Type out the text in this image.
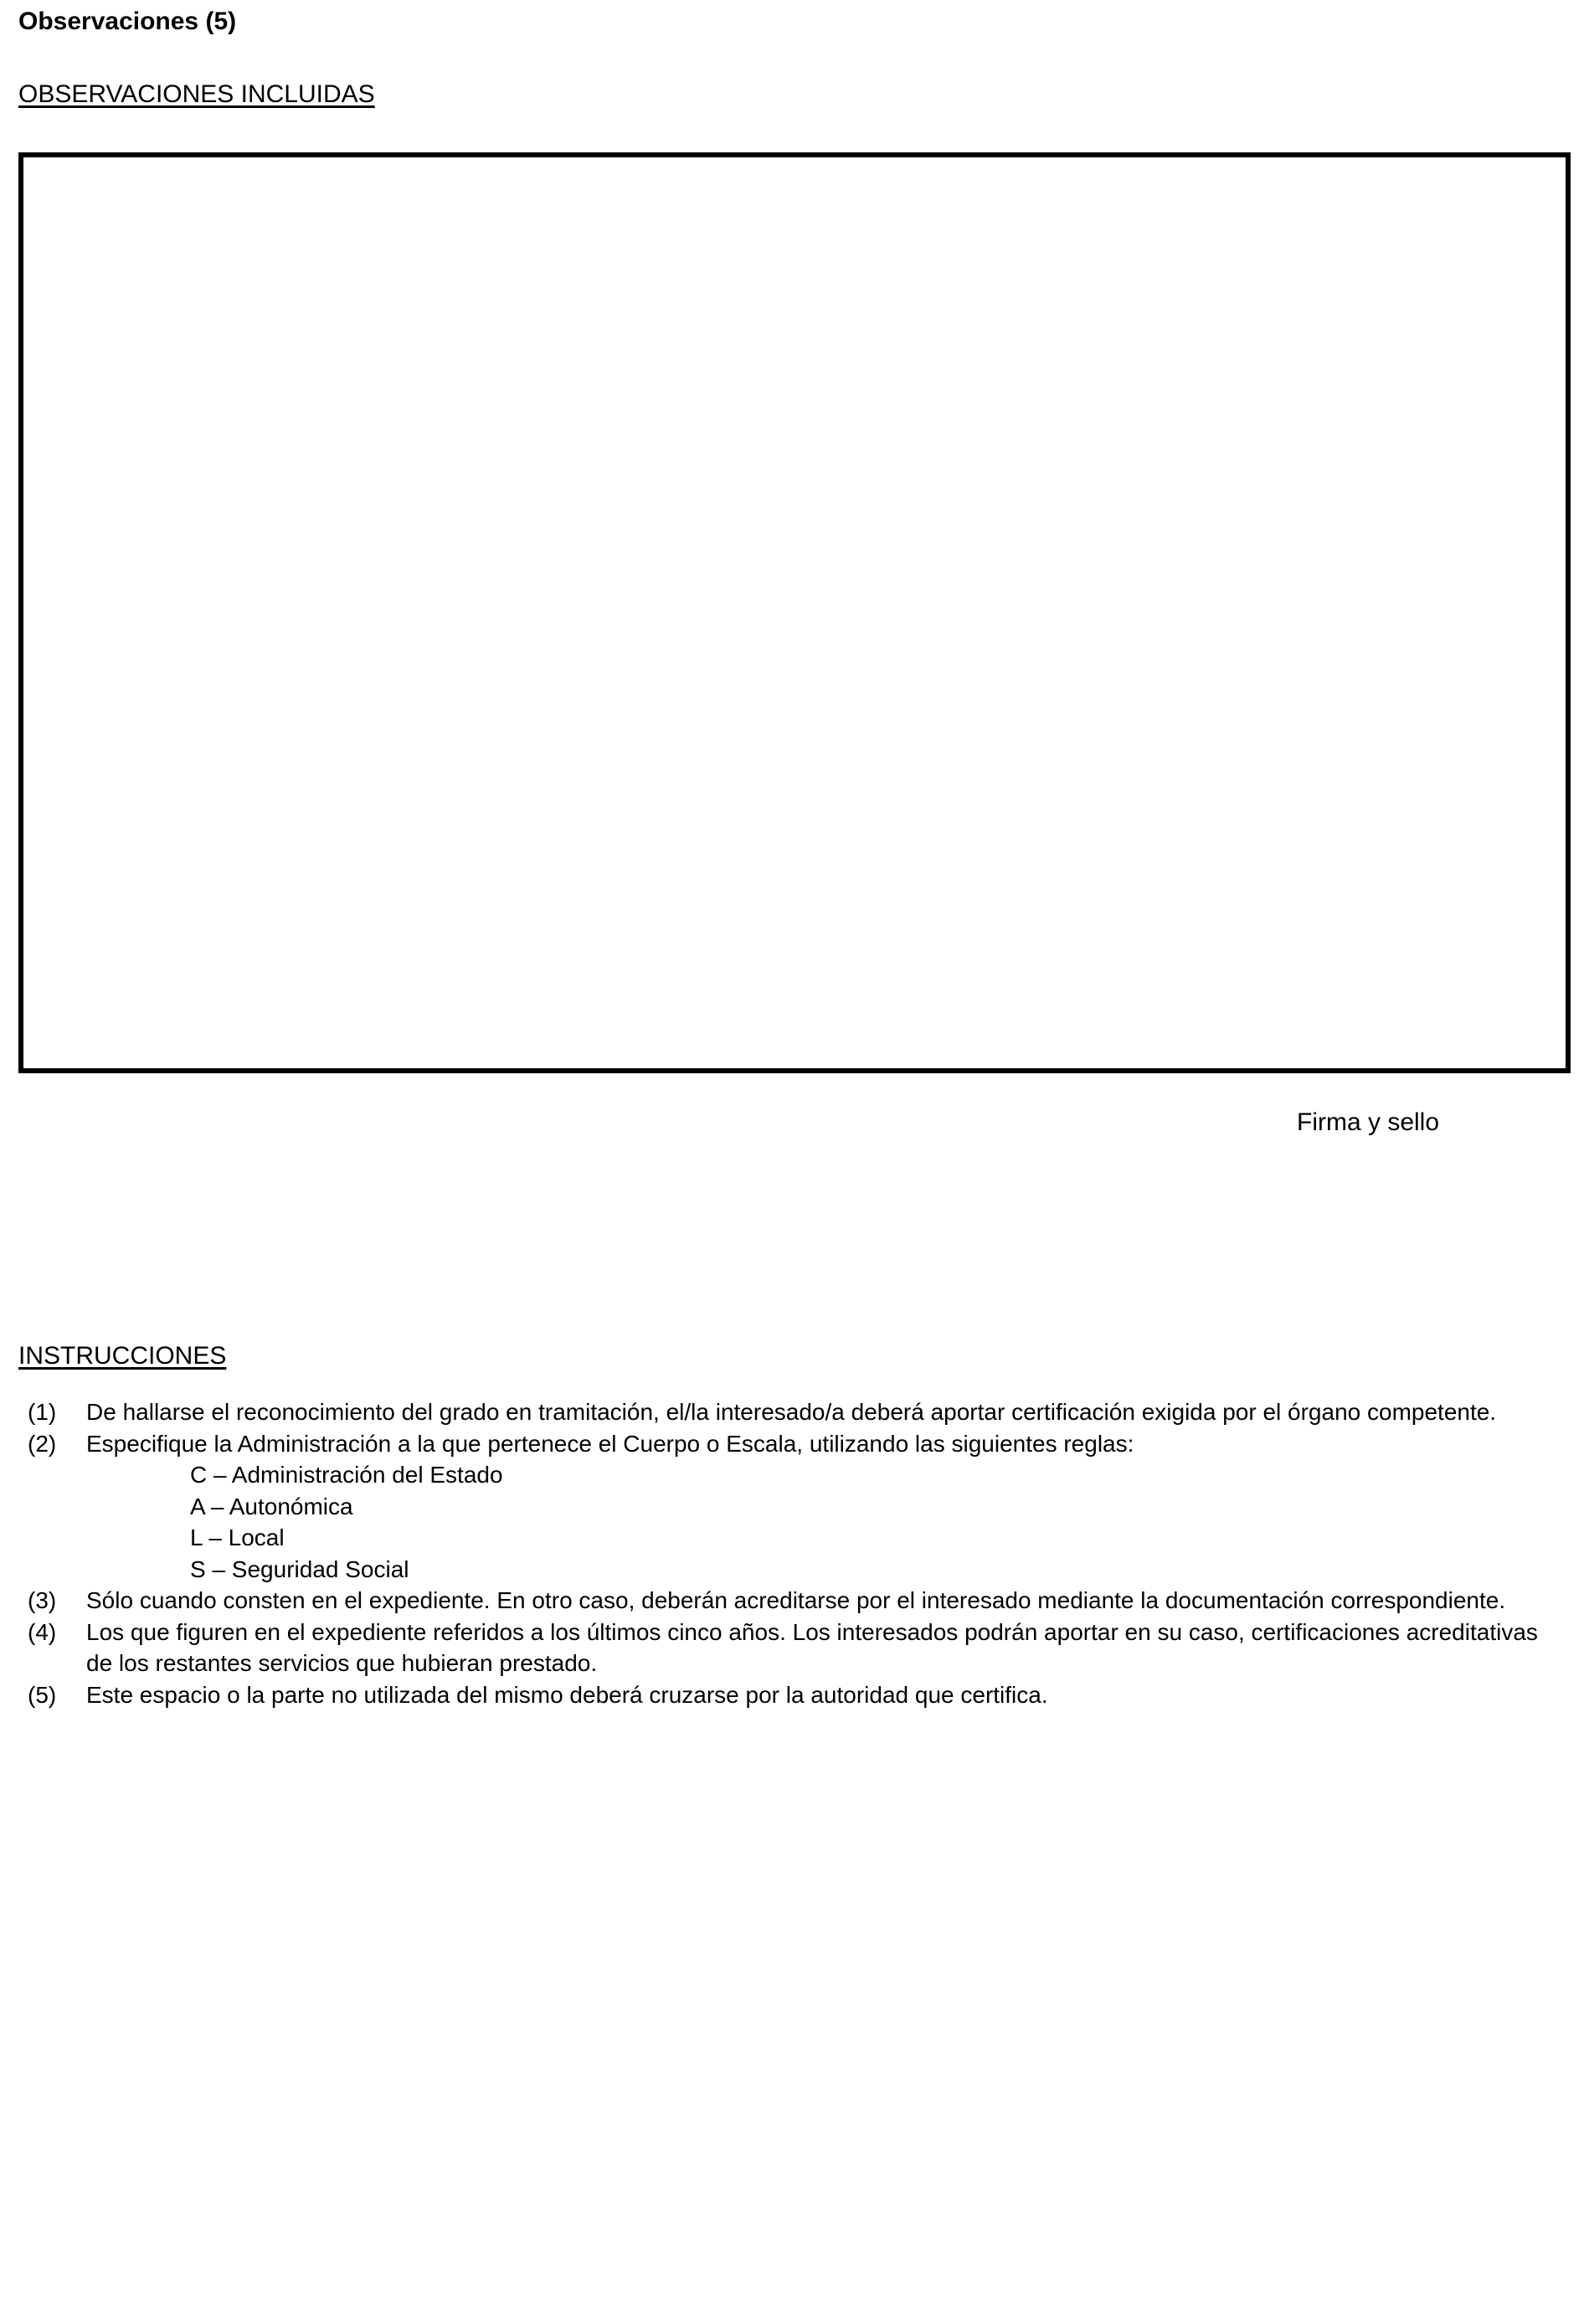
Observaciones (5)
OBSERVACIONES INCLUIDAS
Firma y sello
INSTRUCCIONES
(1) De hallarse el reconocimiento del grado en tramitación, el/la interesado/a deberá aportar certificación exigida por el órgano competente.
(2) Especifique la Administración a la que pertenece el Cuerpo o Escala, utilizando las siguientes reglas:
C – Administración del Estado
A – Autonómica
L – Local
S – Seguridad Social
(3) Sólo cuando consten en el expediente. En otro caso, deberán acreditarse por el interesado mediante la documentación correspondiente.
(4) Los que figuren en el expediente referidos a los últimos cinco años. Los interesados podrán aportar en su caso, certificaciones acreditativas de los restantes servicios que hubieran prestado.
(5) Este espacio o la parte no utilizada del mismo deberá cruzarse por la autoridad que certifica.
